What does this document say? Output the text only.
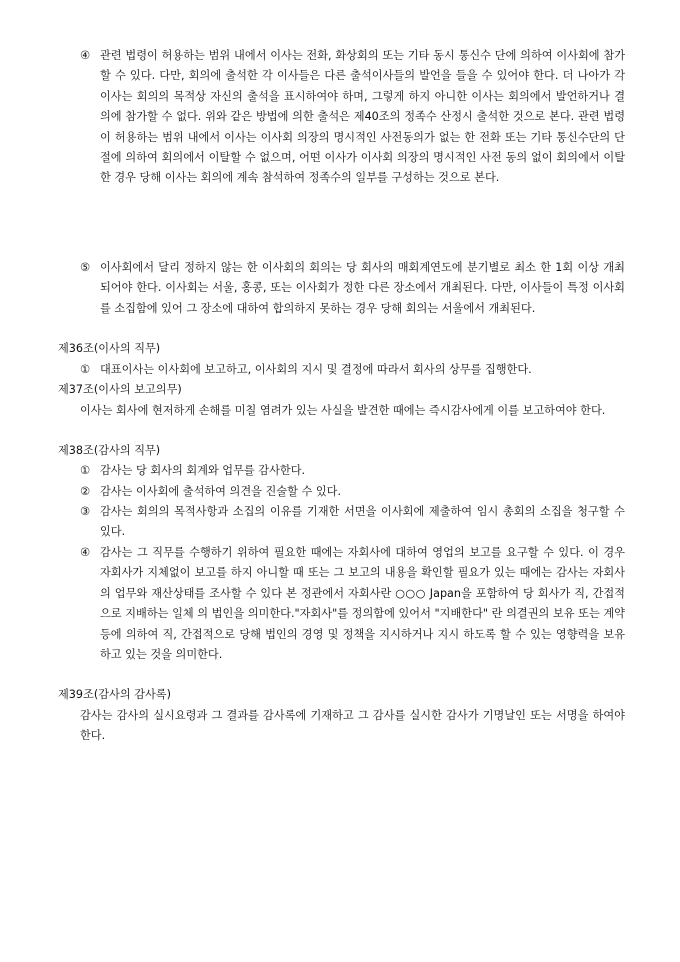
④ 관련 법령이 허용하는 범위 내에서 이사는 전화, 화상회의 또는 기타 동시 통신수 단에 의하여 이사회에 참가할 수 있다. 다만, 회의에 출석한 각 이사들은 다른 출석이사들의 발언을 들을 수 있어야 한다. 더 나아가 각 이사는 회의의 목적상 자신의 출석을 표시하여야 하며, 그렇게 하지 아니한 이사는 회의에서 발언하거나 결의에 참가할 수 없다. 위와 같은 방법에 의한 출석은 제40조의 정족수 산정시 출석한 것으로 본다. 관련 법령이 허용하는 범위 내에서 이사는 이사회 의장의 명시적인 사전동의가 없는 한 전화 또는 기타 통신수단의 단절에 의하여 회의에서 이탈할 수 없으며, 어떤 이사가 이사회 의장의 명시적인 사전 동의 없이 회의에서 이탈한 경우 당해 이사는 회의에 계속 참석하여 정족수의 일부를 구성하는 것으로 본다.
⑤ 이사회에서 달리 정하지 않는 한 이사회의 회의는 당 회사의 매회계연도에 분기별로 최소 한 1회 이상 개최되어야 한다. 이사회는 서울, 홍콩, 또는 이사회가 정한 다른 장소에서 개최된다. 다만, 이사들이 특정 이사회를 소집함에 있어 그 장소에 대하여 합의하지 못하는 경우 당해 회의는 서울에서 개최된다.
제36조(이사의 직무)
① 대표이사는 이사회에 보고하고, 이사회의 지시 및 결정에 따라서 회사의 상무를 집행한다.
제37조(이사의 보고의무)
이사는 회사에 현저하게 손해를 미칠 염려가 있는 사실을 발견한 때에는 즉시감사에게 이를 보고하여야 한다.
제38조(감사의 직무)
① 감사는 당 회사의 회계와 업무를 감사한다.
② 감사는 이사회에 출석하여 의견을 진술할 수 있다.
③ 감사는 회의의 목적사항과 소집의 이유를 기재한 서면을 이사회에 제출하여 임시 총회의 소집을 청구할 수 있다.
④ 감사는 그 직무를 수행하기 위하여 필요한 때에는 자회사에 대하여 영업의 보고를 요구할 수 있다. 이 경우 자회사가 지체없이 보고를 하지 아니할 때 또는 그 보고의 내용을 확인할 필요가 있는 때에는 감사는 자회사의 업무와 재산상태를 조사할 수 있다 본 정관에서 자회사란 ○○○ Japan을 포함하여 당 회사가 직, 간접적으로 지배하는 일체 의 법인을 의미한다."자회사"를 정의함에 있어서 "지배한다" 란 의결권의 보유 또는 계약 등에 의하여 직, 간접적으로 당해 법인의 경영 및 정책을 지시하거나 지시 하도록 할 수 있는 영향력을 보유하고 있는 것을 의미한다.
제39조(감사의 감사록)
감사는 감사의 실시요령과 그 결과를 감사록에 기재하고 그 감사를 실시한 감사가 기명날인 또는 서명을 하여야 한다.
